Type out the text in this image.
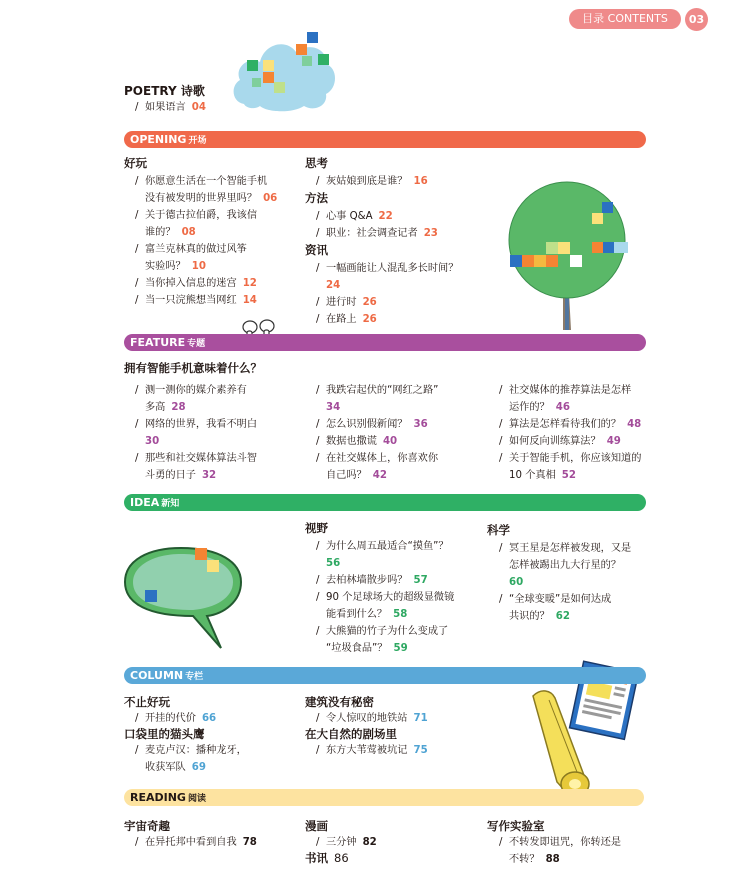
目录 CONTENTS	03
POETRY 诗歌
/ 如果语言 04
OPENING 开场
好玩
/ 你愿意生活在一个智能手机
没有被发明的世界里吗？ 06
/ 关于德古拉伯爵，我该信
谁的？ 08
/ 富兰克林真的做过风筝
实验吗？ 10
/ 当你掉入信息的迷宫 12
/ 当一只浣熊想当网红 14
思考
/ 灰姑娘到底是谁？ 16
方法
/ 心事 Q&A 22
/ 职业：社会调查记者 23
资讯
/ 一幅画能让人混乱多长时间？
24
/ 进行时 26
/ 在路上 26
FEATURE 专题
拥有智能手机意味着什么？
/ 测一测你的媒介素养有
多高 28
/ 网络的世界，我看不明白
30
/ 那些和社交媒体算法斗智
斗勇的日子 32
/ 我跌宕起伏的“网红之路”
34
/ 怎么识别假新闻？ 36
/ 数据也撒谎 40
/ 在社交媒体上，你喜欢你
自己吗？ 42
/ 社交媒体的推荐算法是怎样
运作的？ 46
/ 算法是怎样看待我们的？ 48
/ 如何反向训练算法？ 49
/ 关于智能手机，你应该知道的
10 个真相 52
IDEA 新知
视野
/ 为什么周五最适合“摸鱼”？
56
/ 去柏林墙散步吗？ 57
/ 90 个足球场大的超级显微镜
能看到什么？ 58
/ 大熊猫的竹子为什么变成了
“垃圾食品”？ 59
科学
/ 冥王星是怎样被发现，又是
怎样被踢出九大行星的？
60
/ “全球变暖”是如何达成
共识的？ 62
COLUMN 专栏
不止好玩
/ 开挂的代价 66
口袋里的猫头鹰
/ 麦克卢汉：播种龙牙，
收获军队 69
建筑没有秘密
/ 令人惊叹的地铁站 71
在大自然的剧场里
/ 东方大苇莺被坑记 75
READING 阅读
宇宙奇趣
/ 在异托邦中看到自我 78
漫画
/ 三分钟 82
书讯 86
写作实验室
/ 不转发即诅咒，你转还是
不转？ 88
